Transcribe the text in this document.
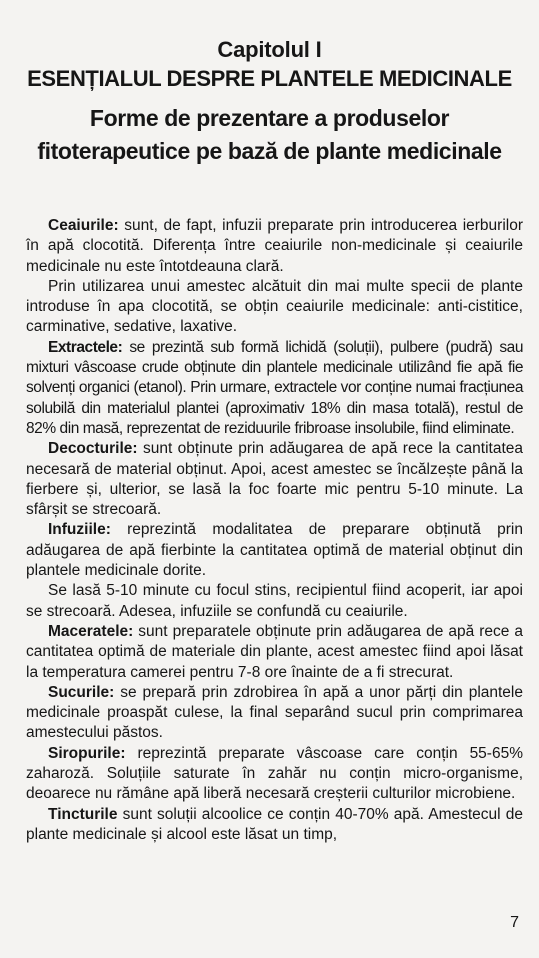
Capitolul I
ESENȚIALUL DESPRE PLANTELE MEDICINALE
Forme de prezentare a produselor
fitoterapeutice pe bază de plante medicinale

Ceaiurile: sunt, de fapt, infuzii preparate prin introducerea ierburilor în apă clocotită. Diferența între ceaiurile non-medicinale și ceaiurile medicinale nu este întotdeauna clară.

Prin utilizarea unui amestec alcătuit din mai multe specii de plante introduse în apa clocotită, se obțin ceaiurile medicinale: anti-cistitice, carminative, sedative, laxative.

Extractele: se prezintă sub formă lichidă (soluții), pulbere (pudră) sau mixturi vâscoase crude obținute din plantele medicinale utilizând fie apă fie solvenți organici (etanol). Prin urmare, extractele vor conține numai fracțiunea solubilă din materialul plantei (aproximativ 18% din masa totală), restul de 82% din masă, reprezentat de reziduurile fribroase insolubile, fiind eliminate.

Decocturile: sunt obținute prin adăugarea de apă rece la cantitatea necesară de material obținut. Apoi, acest amestec se încălzește până la fierbere și, ulterior, se lasă la foc foarte mic pentru 5-10 minute. La sfârșit se strecoară.

Infuziile: reprezintă modalitatea de preparare obținută prin adăugarea de apă fierbinte la cantitatea optimă de material obținut din plantele medicinale dorite.

Se lasă 5-10 minute cu focul stins, recipientul fiind acoperit, iar apoi se strecoară. Adesea, infuziile se confundă cu ceaiurile.

Maceratele: sunt preparatele obținute prin adăugarea de apă rece a cantitatea optimă de materiale din plante, acest amestec fiind apoi lăsat la temperatura camerei pentru 7-8 ore înainte de a fi strecurat.

Sucurile: se prepară prin zdrobirea în apă a unor părți din plantele medicinale proaspăt culese, la final separând sucul prin comprimarea amestecului păstos.

Siropurile: reprezintă preparate vâscoase care conțin 55-65% zaharoză. Soluțiile saturate în zahăr nu conțin micro-organisme, deoarece nu rămâne apă liberă necesară creșterii culturilor microbiene.

Tincturile sunt soluții alcoolice ce conțin 40-70% apă. Amestecul de plante medicinale și alcool este lăsat un timp,

7
